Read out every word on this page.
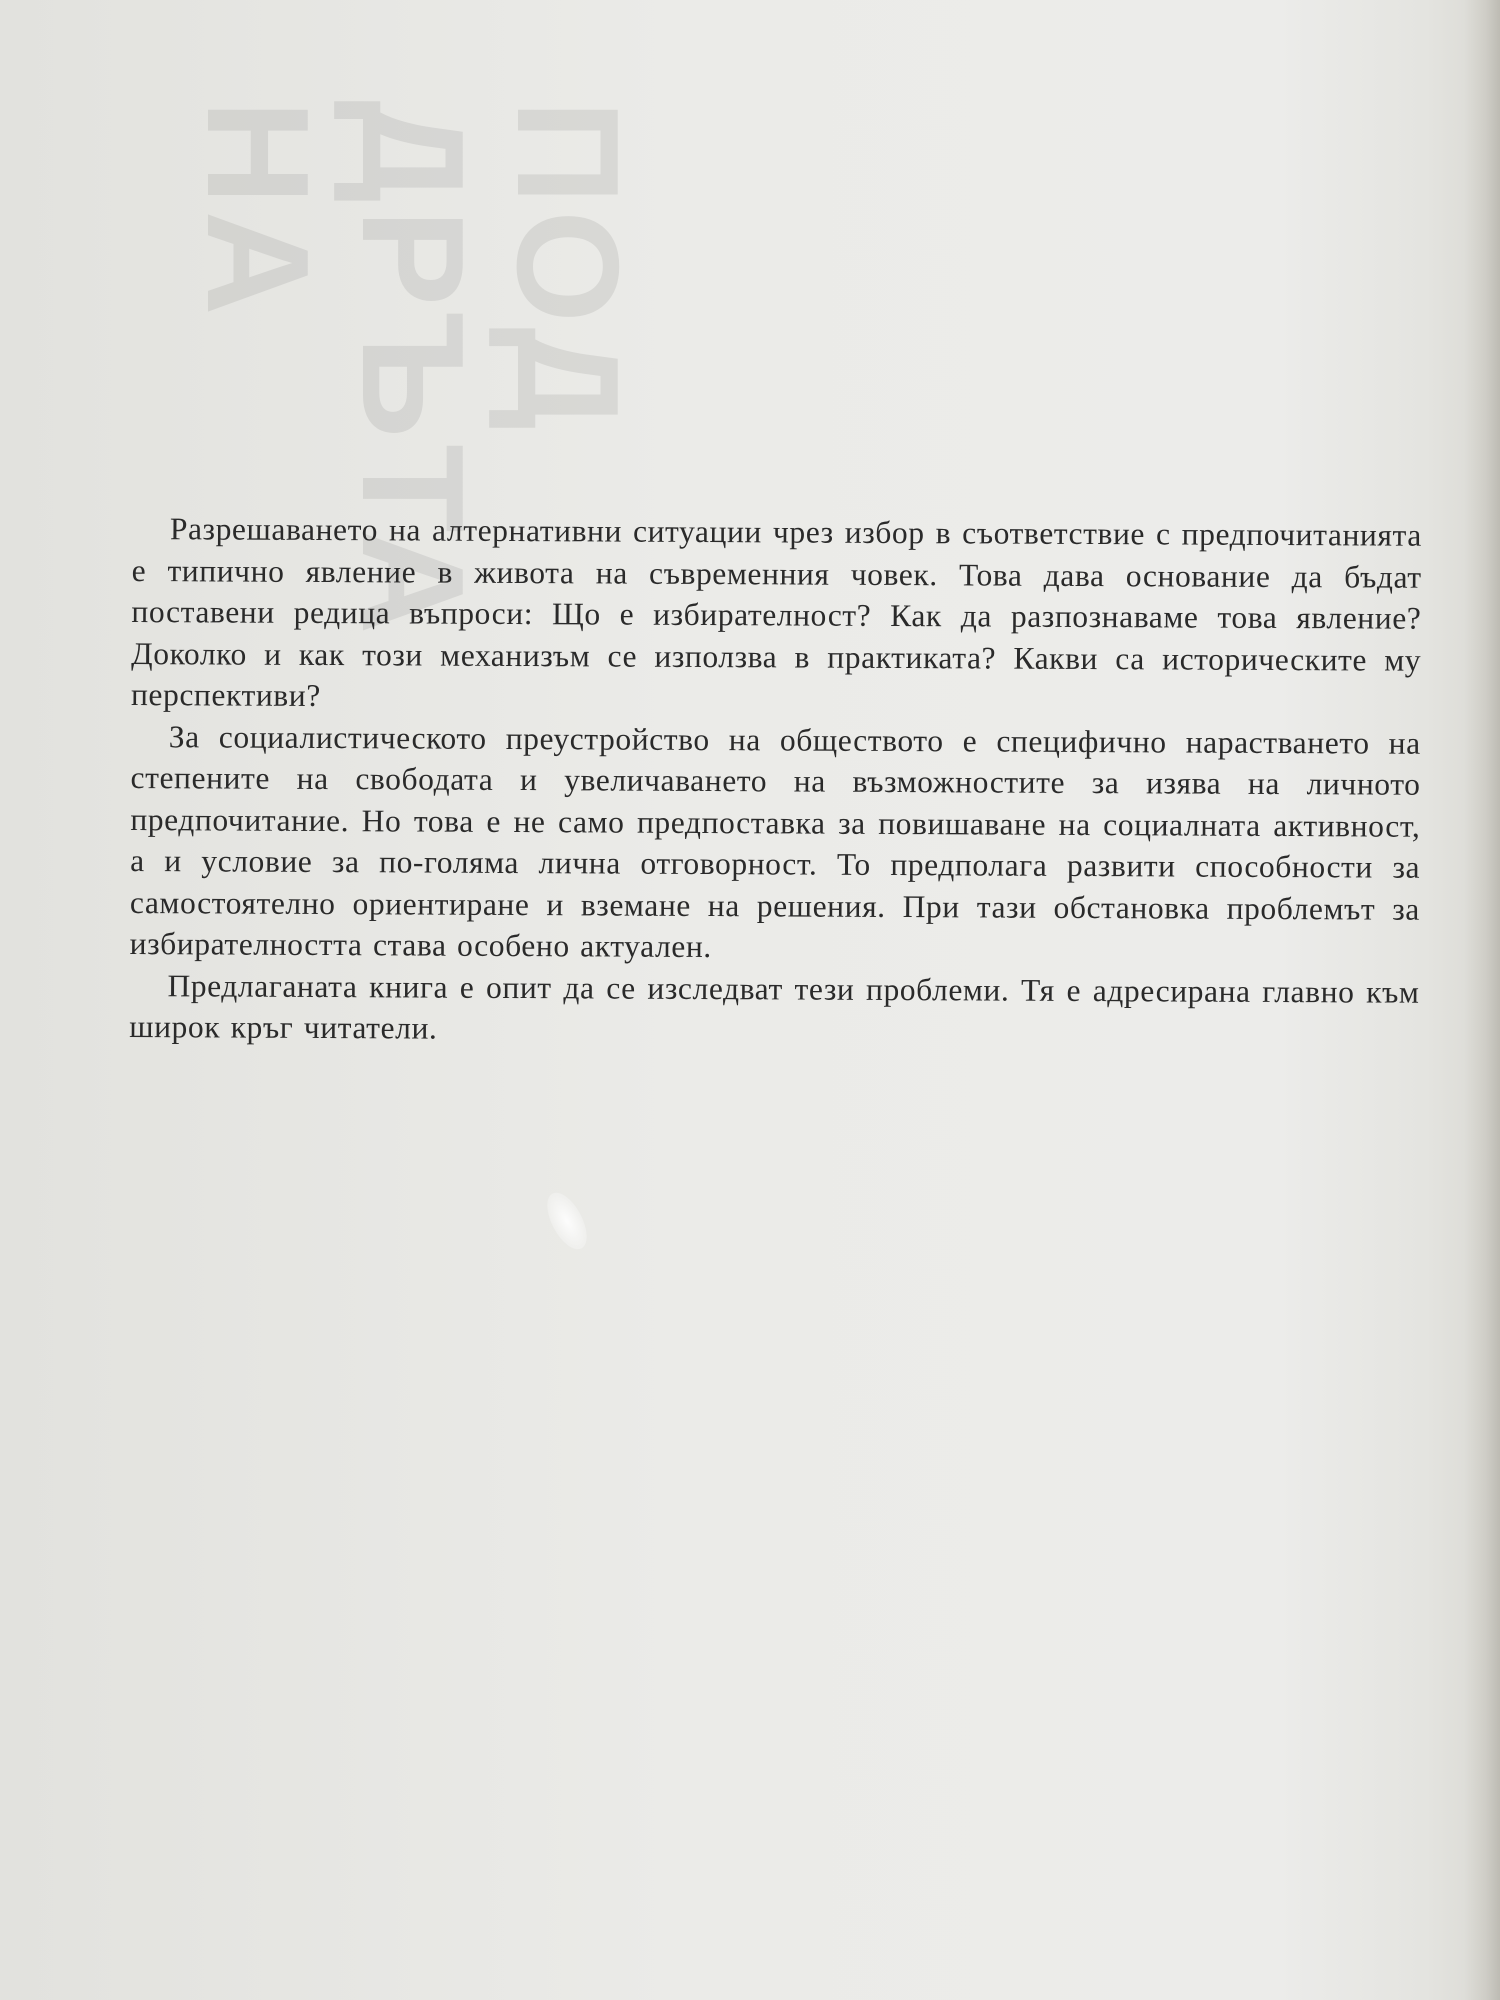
ПОД
ДРЪТА
НА

Разрешаването на алтернативни ситуации чрез избор в съответствие с предпочитанията е типично явление в живота на съвременния човек. Това дава основание да бъдат поставени редица въпроси: Що е избирателност? Как да разпознаваме това явление? Доколко и как този механизъм се използва в практиката? Какви са историческите му перспективи?

За социалистическото преустройство на обществото е специфично нарастването на степените на свободата и увеличаването на възможностите за изява на личното предпочитание. Но това е не само предпоставка за повишаване на социалната активност, а и условие за по-голяма лична отговорност. То предполага развити способности за самостоятелно ориентиране и вземане на решения. При тази обстановка проблемът за избирателността става особено актуален.

Предлаганата книга е опит да се изследват тези проблеми. Тя е адресирана главно към широк кръг читатели.
